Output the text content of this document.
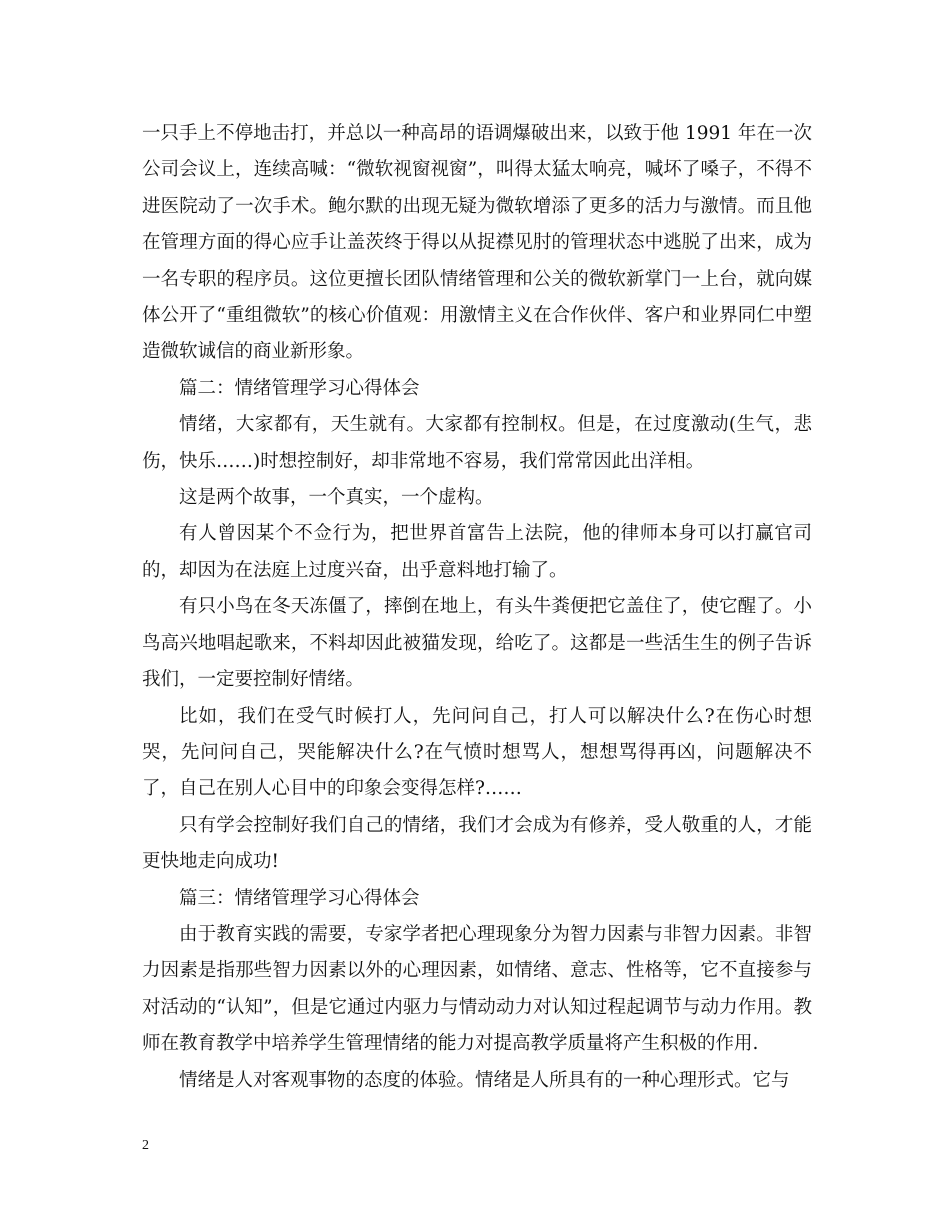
一只手上不停地击打，并总以一种高昂的语调爆破出来，以致于他 1991 年在一次公司会议上，连续高喊：“微软视窗视窗”，叫得太猛太响亮，喊坏了嗓子，不得不进医院动了一次手术。鲍尔默的出现无疑为微软增添了更多的活力与激情。而且他在管理方面的得心应手让盖茨终于得以从捉襟见肘的管理状态中逃脱了出来，成为一名专职的程序员。这位更擅长团队情绪管理和公关的微软新掌门一上台，就向媒体公开了“重组微软”的核心价值观：用激情主义在合作伙伴、客户和业界同仁中塑造微软诚信的商业新形象。

篇二：情绪管理学习心得体会

情绪，大家都有，天生就有。大家都有控制权。但是，在过度激动(生气，悲伤，快乐……)时想控制好，却非常地不容易，我们常常因此出洋相。

这是两个故事，一个真实，一个虚构。

有人曾因某个不佥行为，把世界首富告上法院，他的律师本身可以打赢官司的，却因为在法庭上过度兴奋，出乎意料地打输了。

有只小鸟在冬天冻僵了，摔倒在地上，有头牛粪便把它盖住了，使它醒了。小鸟高兴地唱起歌来，不料却因此被猫发现，给吃了。这都是一些活生生的例子告诉我们，一定要控制好情绪。

比如，我们在受气时候打人，先问问自己，打人可以解决什么?在伤心时想哭，先问问自己，哭能解决什么?在气愤时想骂人，想想骂得再凶，问题解决不了，自己在别人心目中的印象会变得怎样?……

只有学会控制好我们自己的情绪，我们才会成为有修养，受人敬重的人，才能更快地走向成功!

篇三：情绪管理学习心得体会

由于教育实践的需要，专家学者把心理现象分为智力因素与非智力因素。非智力因素是指那些智力因素以外的心理因素，如情绪、意志、性格等，它不直接参与对活动的“认知”，但是它通过内驱力与情动动力对认知过程起调节与动力作用。教师在教育教学中培养学生管理情绪的能力对提高教学质量将产生积极的作用.

情绪是人对客观事物的态度的体验。情绪是人所具有的一种心理形式。它与

2
